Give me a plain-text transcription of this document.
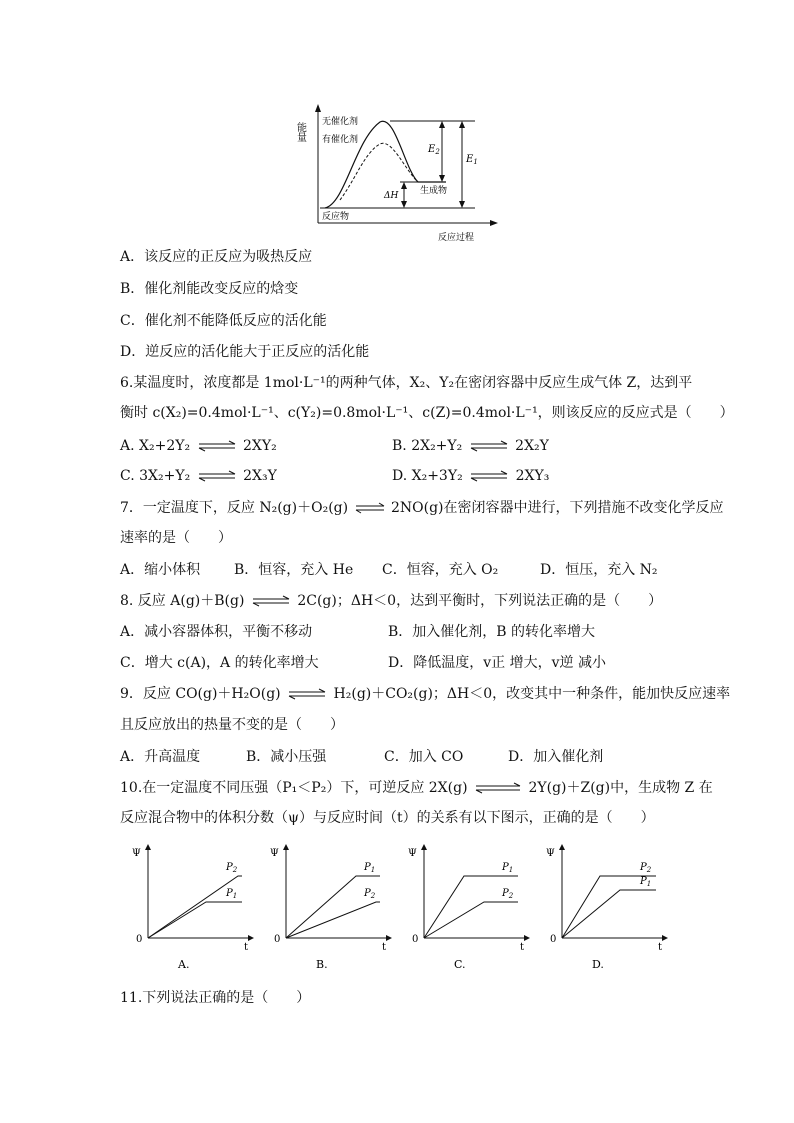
能量
$E_1$
$E_2$
ΔH
无催化剂
有催化剂
生成物
反应物
反应过程
A．该反应的正反应为吸热反应
B．催化剂能改变反应的焓变
C．催化剂不能降低反应的活化能
D．逆反应的活化能大于正反应的活化能
6.某温度时，浓度都是 1mol·L⁻¹的两种气体，X₂、Y₂在密闭容器中反应生成气体 Z，达到平
衡时 c(X₂)=0.4mol·L⁻¹、c(Y₂)=0.8mol·L⁻¹、c(Z)=0.4mol·L⁻¹，则该反应的反应式是（　　）
A. X₂+2Y₂ ⇌ 2XY₂	B. 2X₂+Y₂ ⇌ 2X₂Y
C. 3X₂+Y₂ ⇌ 2X₃Y	D. X₂+3Y₂ ⇌ 2XY₃
7．一定温度下，反应 N₂(g)＋O₂(g) ⇌ 2NO(g)在密闭容器中进行，下列措施不改变化学反应
速率的是（　　）
A．缩小体积 B．恒容，充入 He C．恒容，充入 O₂	D．恒压，充入 N₂
8. 反应 A(g)＋B(g) ⇌ 2C(g)；ΔH＜0，达到平衡时，下列说法正确的是（　　）
A．减小容器体积，平衡不移动	B．加入催化剂，B 的转化率增大
C．增大 c(A)，A 的转化率增大	D．降低温度，v正 增大，v逆 减小
9．反应 CO(g)＋H₂O(g) ⇌ H₂(g)＋CO₂(g)；ΔH＜0，改变其中一种条件，能加快反应速率
且反应放出的热量不变的是（　　）
A．升高温度	B．减小压强	C．加入 CO	D．加入催化剂
10.在一定温度不同压强（P₁＜P₂）下，可逆反应 2X(g) ⇌ 2Y(g)＋Z(g)中，生成物 Z 在
反应混合物中的体积分数（ψ）与反应时间（t）的关系有以下图示，正确的是（　　）
Ψ
t
0
$P_2$
$P_1$
A.
Ψ
t
0
$P_1$
$P_2$
B.
Ψ
t
0
$P_1$
$P_2$
C.
Ψ
t
0
$P_2$
$P_1$
D.
11.下列说法正确的是（　　）
